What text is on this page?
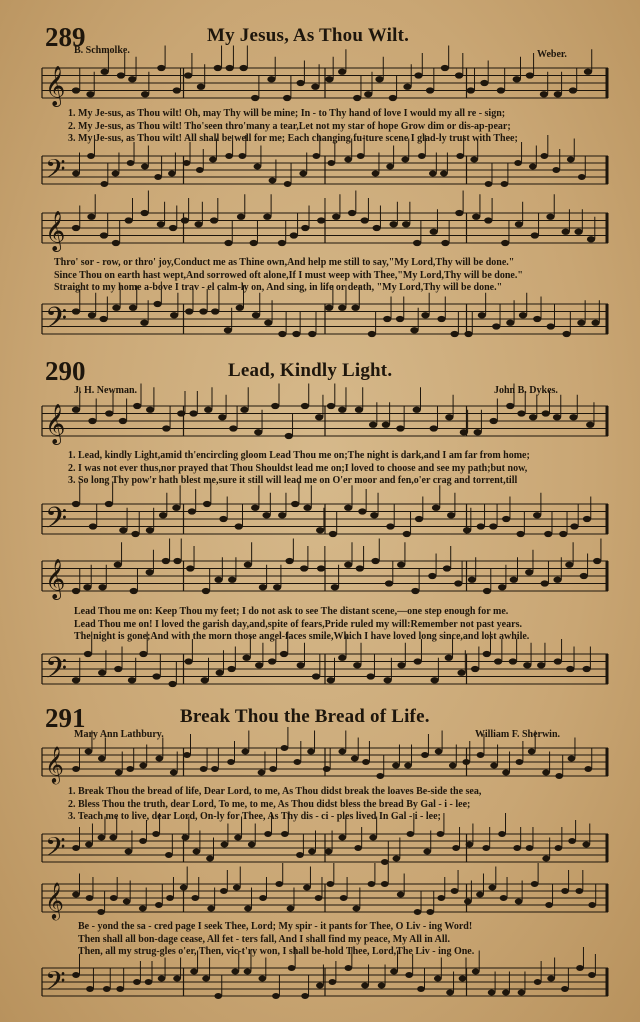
289	My Jesus, As Thou Wilt.
B. Schmolke.	Weber.
𝄞
1. My Je-sus, as Thou wilt! Oh, may Thy will be mine; In - to Thy hand of love I would my all re - sign;
2. My Je-sus, as Thou wilt! Tho'seen thro'many a tear,Let not my star of hope Grow dim or dis-ap-pear;
3. My Je-sus, as Thou wilt! All shall be well for me; Each changing fu-ture scene I glad-ly trust with Thee;
𝄢
𝄞
Thro' sor - row, or thro' joy,Conduct me as Thine own,And help me still to say,"My Lord,Thy will be done."
Since Thou on earth hast wept,And sorrowed oft alone,If I must weep with Thee,"My Lord,Thy will be done."
Straight to my home a-bove I trav - el calm-ly on, And sing, in life or death, "My Lord,Thy will be done."
𝄢
290	Lead, Kindly Light.
J. H. Newman.	John B. Dykes.
𝄞
1. Lead, kindly Light,amid th'encircling gloom Lead Thou me on;The night is dark,and I am far from home;
2. I was not ever thus,nor prayed that Thou Shouldst lead me on;I loved to choose and see my path;but now,
3. So long Thy pow'r hath blest me,sure it still will lead me on O'er moor and fen,o'er crag and torrent,till
𝄢
𝄞
Lead Thou me on: Keep Thou my feet; I do not ask to see The distant scene,—one step enough for me.
Lead Thou me on! I loved the garish day,and,spite of fears,Pride ruled my will:Remember not past years.
The night is gone;And with the morn those angel-faces smile,Which I have loved long since,and lost awhile.
𝄢
291	Break Thou the Bread of Life.
Mary Ann Lathbury.	William F. Sherwin.
𝄞
1. Break Thou the bread of life, Dear Lord, to me, As Thou didst break the loaves Be-side the sea,
2. Bless Thou the truth, dear Lord, To me, to me, As Thou didst bless the bread By Gal - i - lee;
3. Teach me to live, dear Lord, On-ly for Thee, As Thy dis - ci - ples lived In Gal - i - lee;
𝄢
𝄞
Be - yond the sa - cred page I seek Thee, Lord; My spir - it pants for Thee, O Liv - ing Word!
Then shall all bon-dage cease, All fet - ters fall, And I shall find my peace, My All in All.
Then, all my strug-gles o'er, Then, vic-t'ry won, I shall be-hold Thee, Lord,The Liv - ing One.
𝄢
